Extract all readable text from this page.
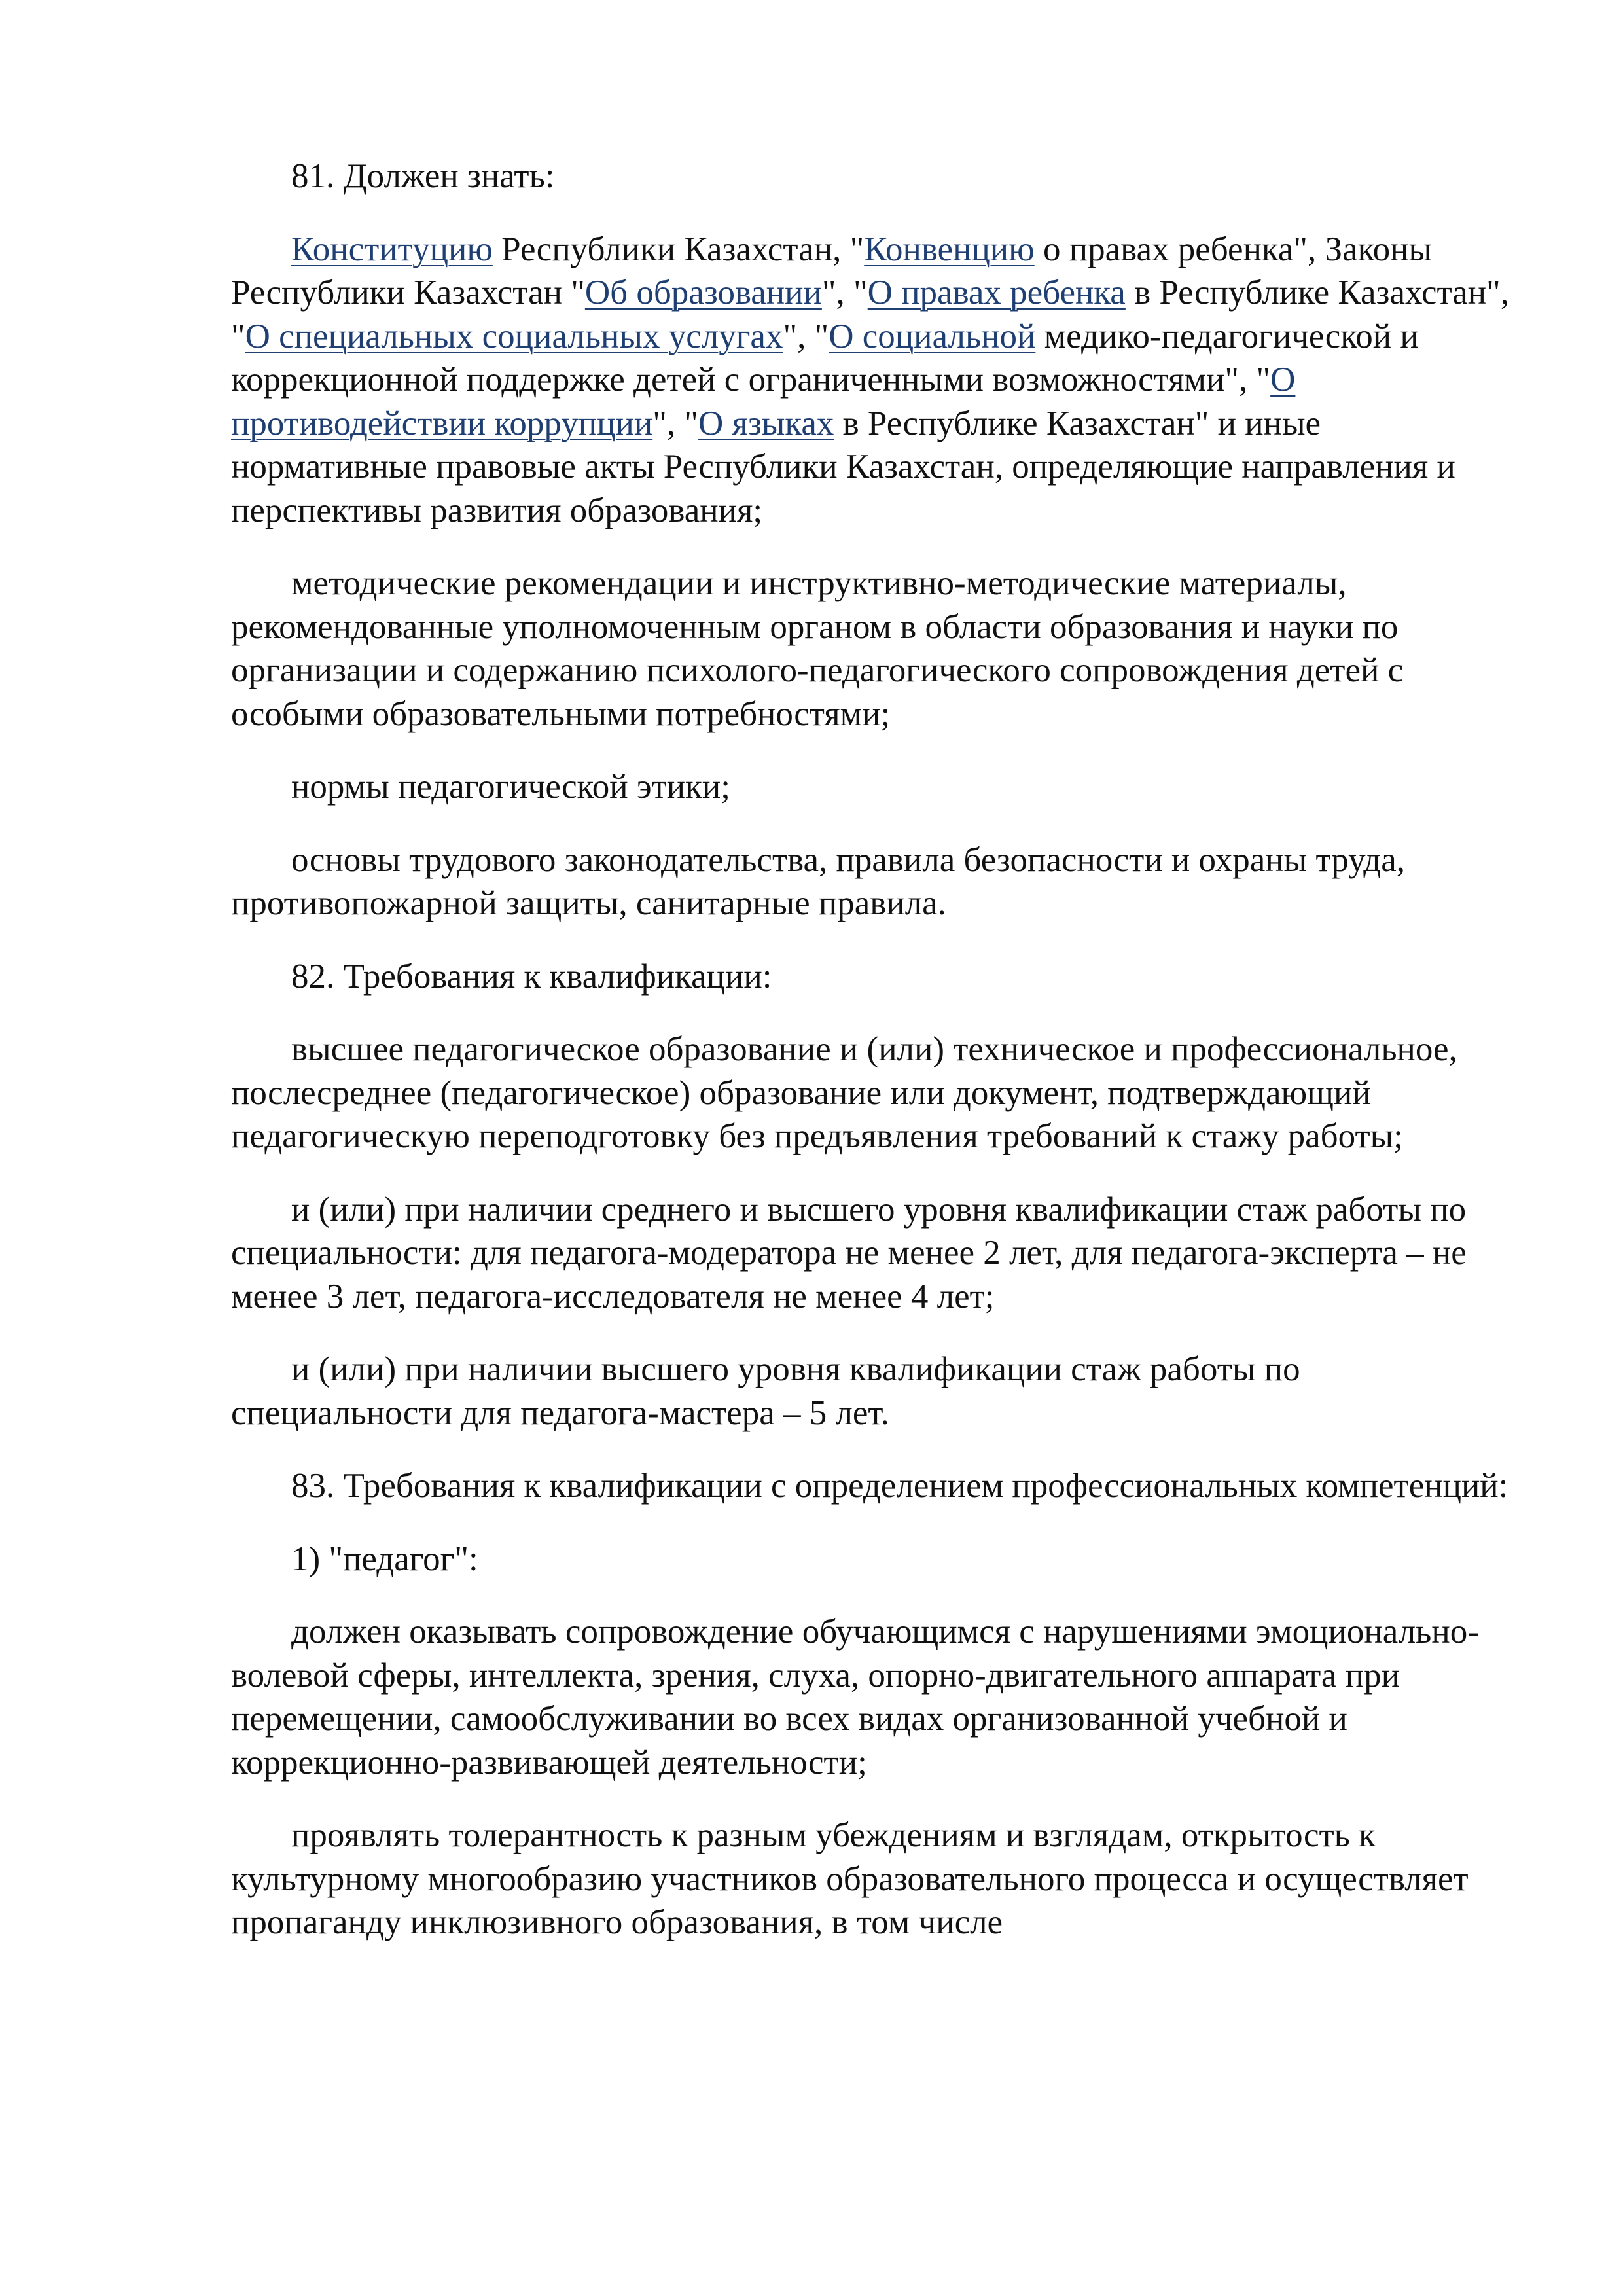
81. Должен знать:

Конституцию Республики Казахстан, "Конвенцию о правах ребенка", Законы Республики Казахстан "Об образовании", "О правах ребенка в Республике Казахстан", "О специальных социальных услугах", "О социальной медико-педагогической и коррекционной поддержке детей с ограниченными возможностями", "О противодействии коррупции", "О языках в Республике Казахстан" и иные нормативные правовые акты Республики Казахстан, определяющие направления и перспективы развития образования;

методические рекомендации и инструктивно-методические материалы, рекомендованные уполномоченным органом в области образования и науки по организации и содержанию психолого-педагогического сопровождения детей с особыми образовательными потребностями;

нормы педагогической этики;

основы трудового законодательства, правила безопасности и охраны труда, противопожарной защиты, санитарные правила.

82. Требования к квалификации:

высшее педагогическое образование и (или) техническое и профессиональное, послесреднее (педагогическое) образование или документ, подтверждающий педагогическую переподготовку без предъявления требований к стажу работы;

и (или) при наличии среднего и высшего уровня квалификации стаж работы по специальности: для педагога-модератора не менее 2 лет, для педагога-эксперта – не менее 3 лет, педагога-исследователя не менее 4 лет;

и (или) при наличии высшего уровня квалификации стаж работы по специальности для педагога-мастера – 5 лет.

83. Требования к квалификации с определением профессиональных компетенций:

1) "педагог":

должен оказывать сопровождение обучающимся с нарушениями эмоционально-волевой сферы, интеллекта, зрения, слуха, опорно-двигательного аппарата при перемещении, самообслуживании во всех видах организованной учебной и коррекционно-развивающей деятельности;

проявлять толерантность к разным убеждениям и взглядам, открытость к культурному многообразию участников образовательного процесса и осуществляет пропаганду инклюзивного образования, в том числе
